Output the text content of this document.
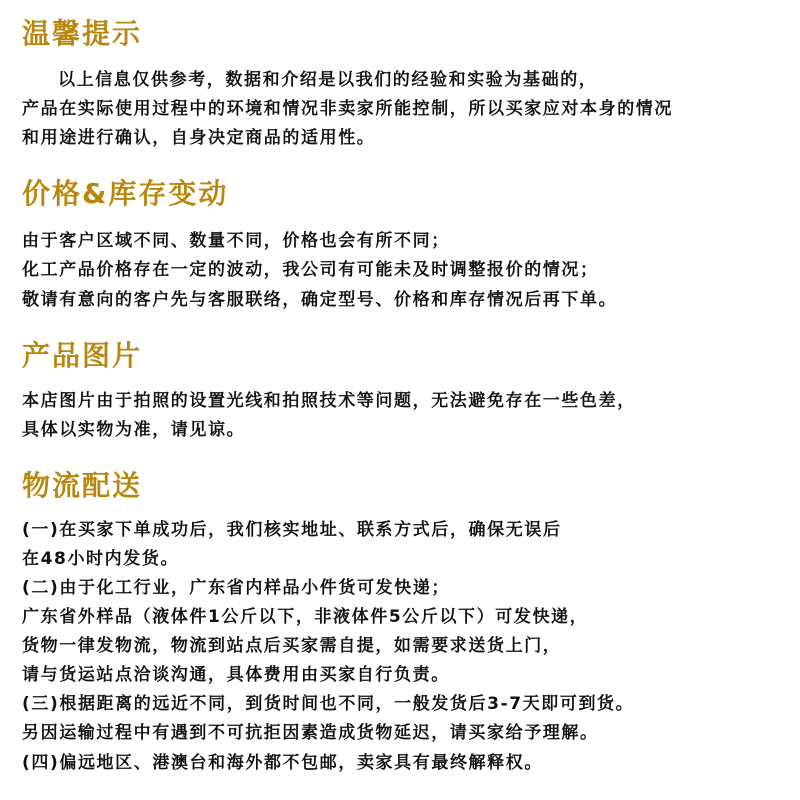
温馨提示
以上信息仅供参考，数据和介绍是以我们的经验和实验为基础的，
产品在实际使用过程中的环境和情况非卖家所能控制，所以买家应对本身的情况
和用途进行确认，自身决定商品的适用性。
价格&库存变动
由于客户区域不同、数量不同，价格也会有所不同；
化工产品价格存在一定的波动，我公司有可能未及时调整报价的情况；
敬请有意向的客户先与客服联络，确定型号、价格和库存情况后再下单。
产品图片
本店图片由于拍照的设置光线和拍照技术等问题，无法避免存在一些色差，
具体以实物为准，请见谅。
物流配送
(一)在买家下单成功后，我们核实地址、联系方式后，确保无误后
在48小时内发货。
(二)由于化工行业，广东省内样品小件货可发快递；
广东省外样品（液体件1公斤以下，非液体件5公斤以下）可发快递，
货物一律发物流，物流到站点后买家需自提，如需要求送货上门，
请与货运站点洽谈沟通，具体费用由买家自行负责。
(三)根据距离的远近不同，到货时间也不同，一般发货后3-7天即可到货。
另因运输过程中有遇到不可抗拒因素造成货物延迟，请买家给予理解。
(四)偏远地区、港澳台和海外都不包邮，卖家具有最终解释权。
